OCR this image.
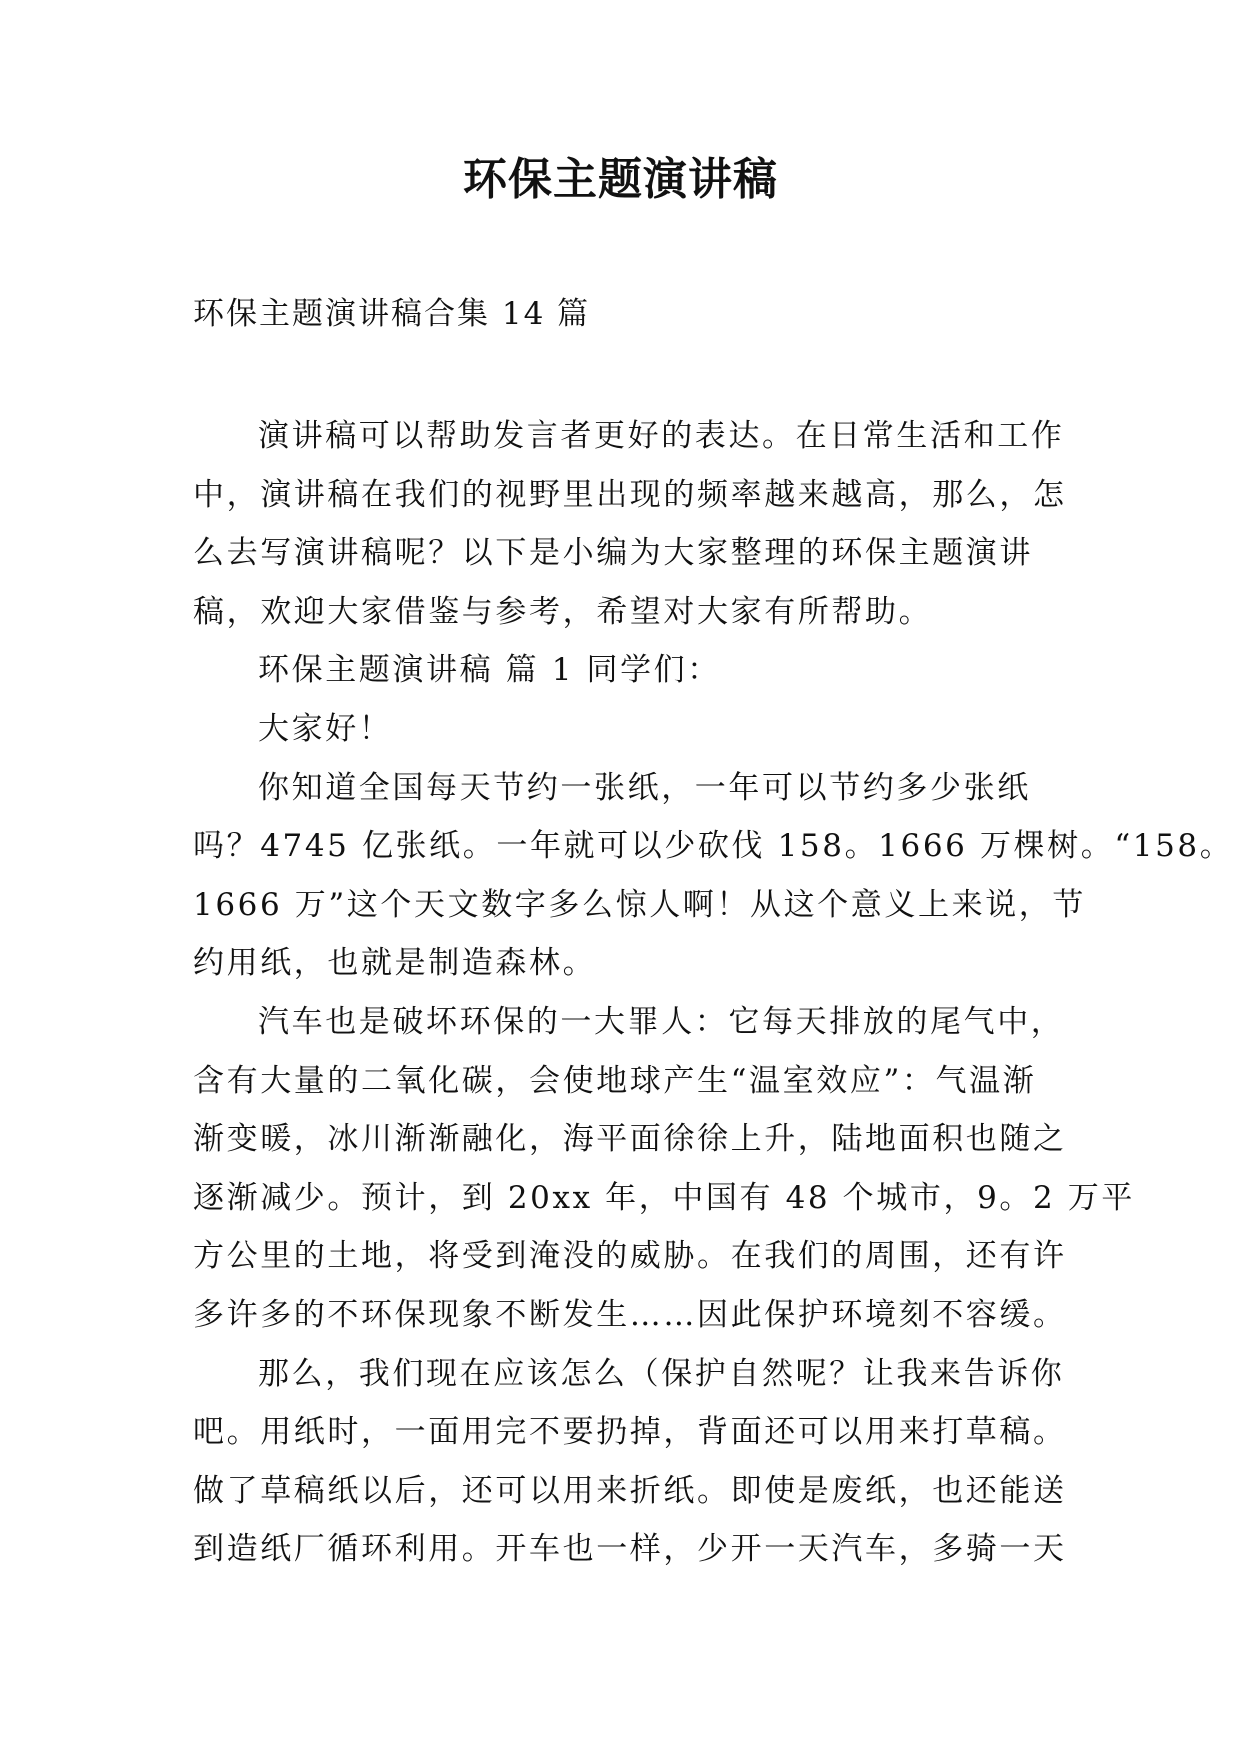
环保主题演讲稿
环保主题演讲稿合集 14 篇
演讲稿可以帮助发言者更好的表达。在日常生活和工作
中，演讲稿在我们的视野里出现的频率越来越高，那么，怎
么去写演讲稿呢？以下是小编为大家整理的环保主题演讲
稿，欢迎大家借鉴与参考，希望对大家有所帮助。
环保主题演讲稿 篇 1 同学们：
大家好！
你知道全国每天节约一张纸，一年可以节约多少张纸
吗？4745 亿张纸。一年就可以少砍伐 158。1666 万棵树。“158。
1666 万”这个天文数字多么惊人啊！从这个意义上来说，节
约用纸，也就是制造森林。
汽车也是破坏环保的一大罪人：它每天排放的尾气中，
含有大量的二氧化碳，会使地球产生“温室效应”：气温渐
渐变暖，冰川渐渐融化，海平面徐徐上升，陆地面积也随之
逐渐减少。预计，到 20xx 年，中国有 48 个城市，9。2 万平
方公里的土地，将受到淹没的威胁。在我们的周围，还有许
多许多的不环保现象不断发生……因此保护环境刻不容缓。
那么，我们现在应该怎么（保护自然呢？让我来告诉你
吧。用纸时，一面用完不要扔掉，背面还可以用来打草稿。
做了草稿纸以后，还可以用来折纸。即使是废纸，也还能送
到造纸厂循环利用。开车也一样，少开一天汽车，多骑一天
